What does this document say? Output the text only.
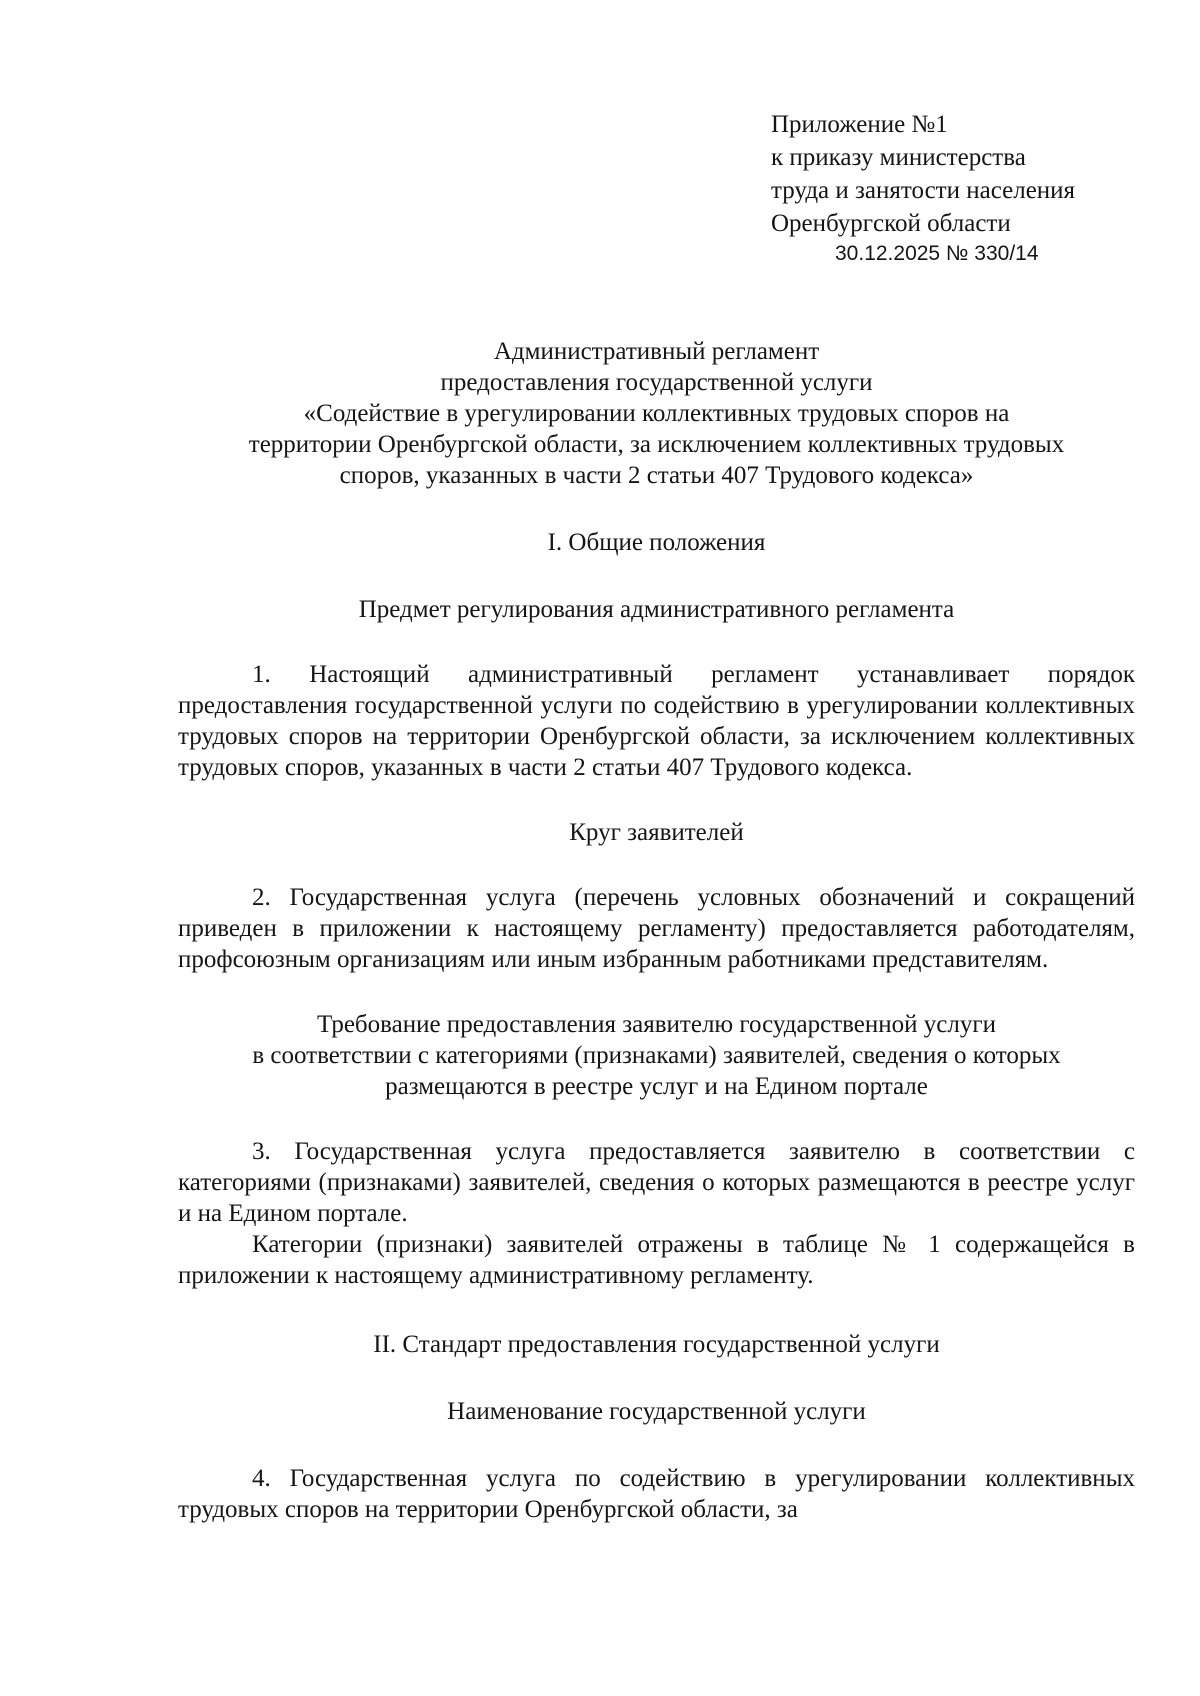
Приложение №1
к приказу министерства
труда и занятости населения
Оренбургской области
30.12.2025 № 330/14
Административный регламент
предоставления государственной услуги
«Содействие в урегулировании коллективных трудовых споров на
территории Оренбургской области, за исключением коллективных трудовых
споров, указанных в части 2 статьи 407 Трудового кодекса»
I. Общие положения
Предмет регулирования административного регламента

1. Настоящий административный регламент устанавливает порядок предоставления государственной услуги по содействию в урегулировании коллективных трудовых споров на территории Оренбургской области, за исключением коллективных трудовых споров, указанных в части 2 статьи 407 Трудового кодекса.

Круг заявителей

2. Государственная услуга (перечень условных обозначений и сокращений приведен в приложении к настоящему регламенту) предоставляется работодателям, профсоюзным организациям или иным избранным работниками представителям.

Требование предоставления заявителю государственной услуги
в соответствии с категориями (признаками) заявителей, сведения о которых
размещаются в реестре услуг и на Едином портале

3. Государственная услуга предоставляется заявителю в соответствии с категориями (признаками) заявителей, сведения о которых размещаются в реестре услуг и на Едином портале.

Категории (признаки) заявителей отражены в таблице № 1 содержащейся в приложении к настоящему административному регламенту.

II. Стандарт предоставления государственной услуги
Наименование государственной услуги

4. Государственная услуга по содействию в урегулировании коллективных трудовых споров на территории Оренбургской области, за
